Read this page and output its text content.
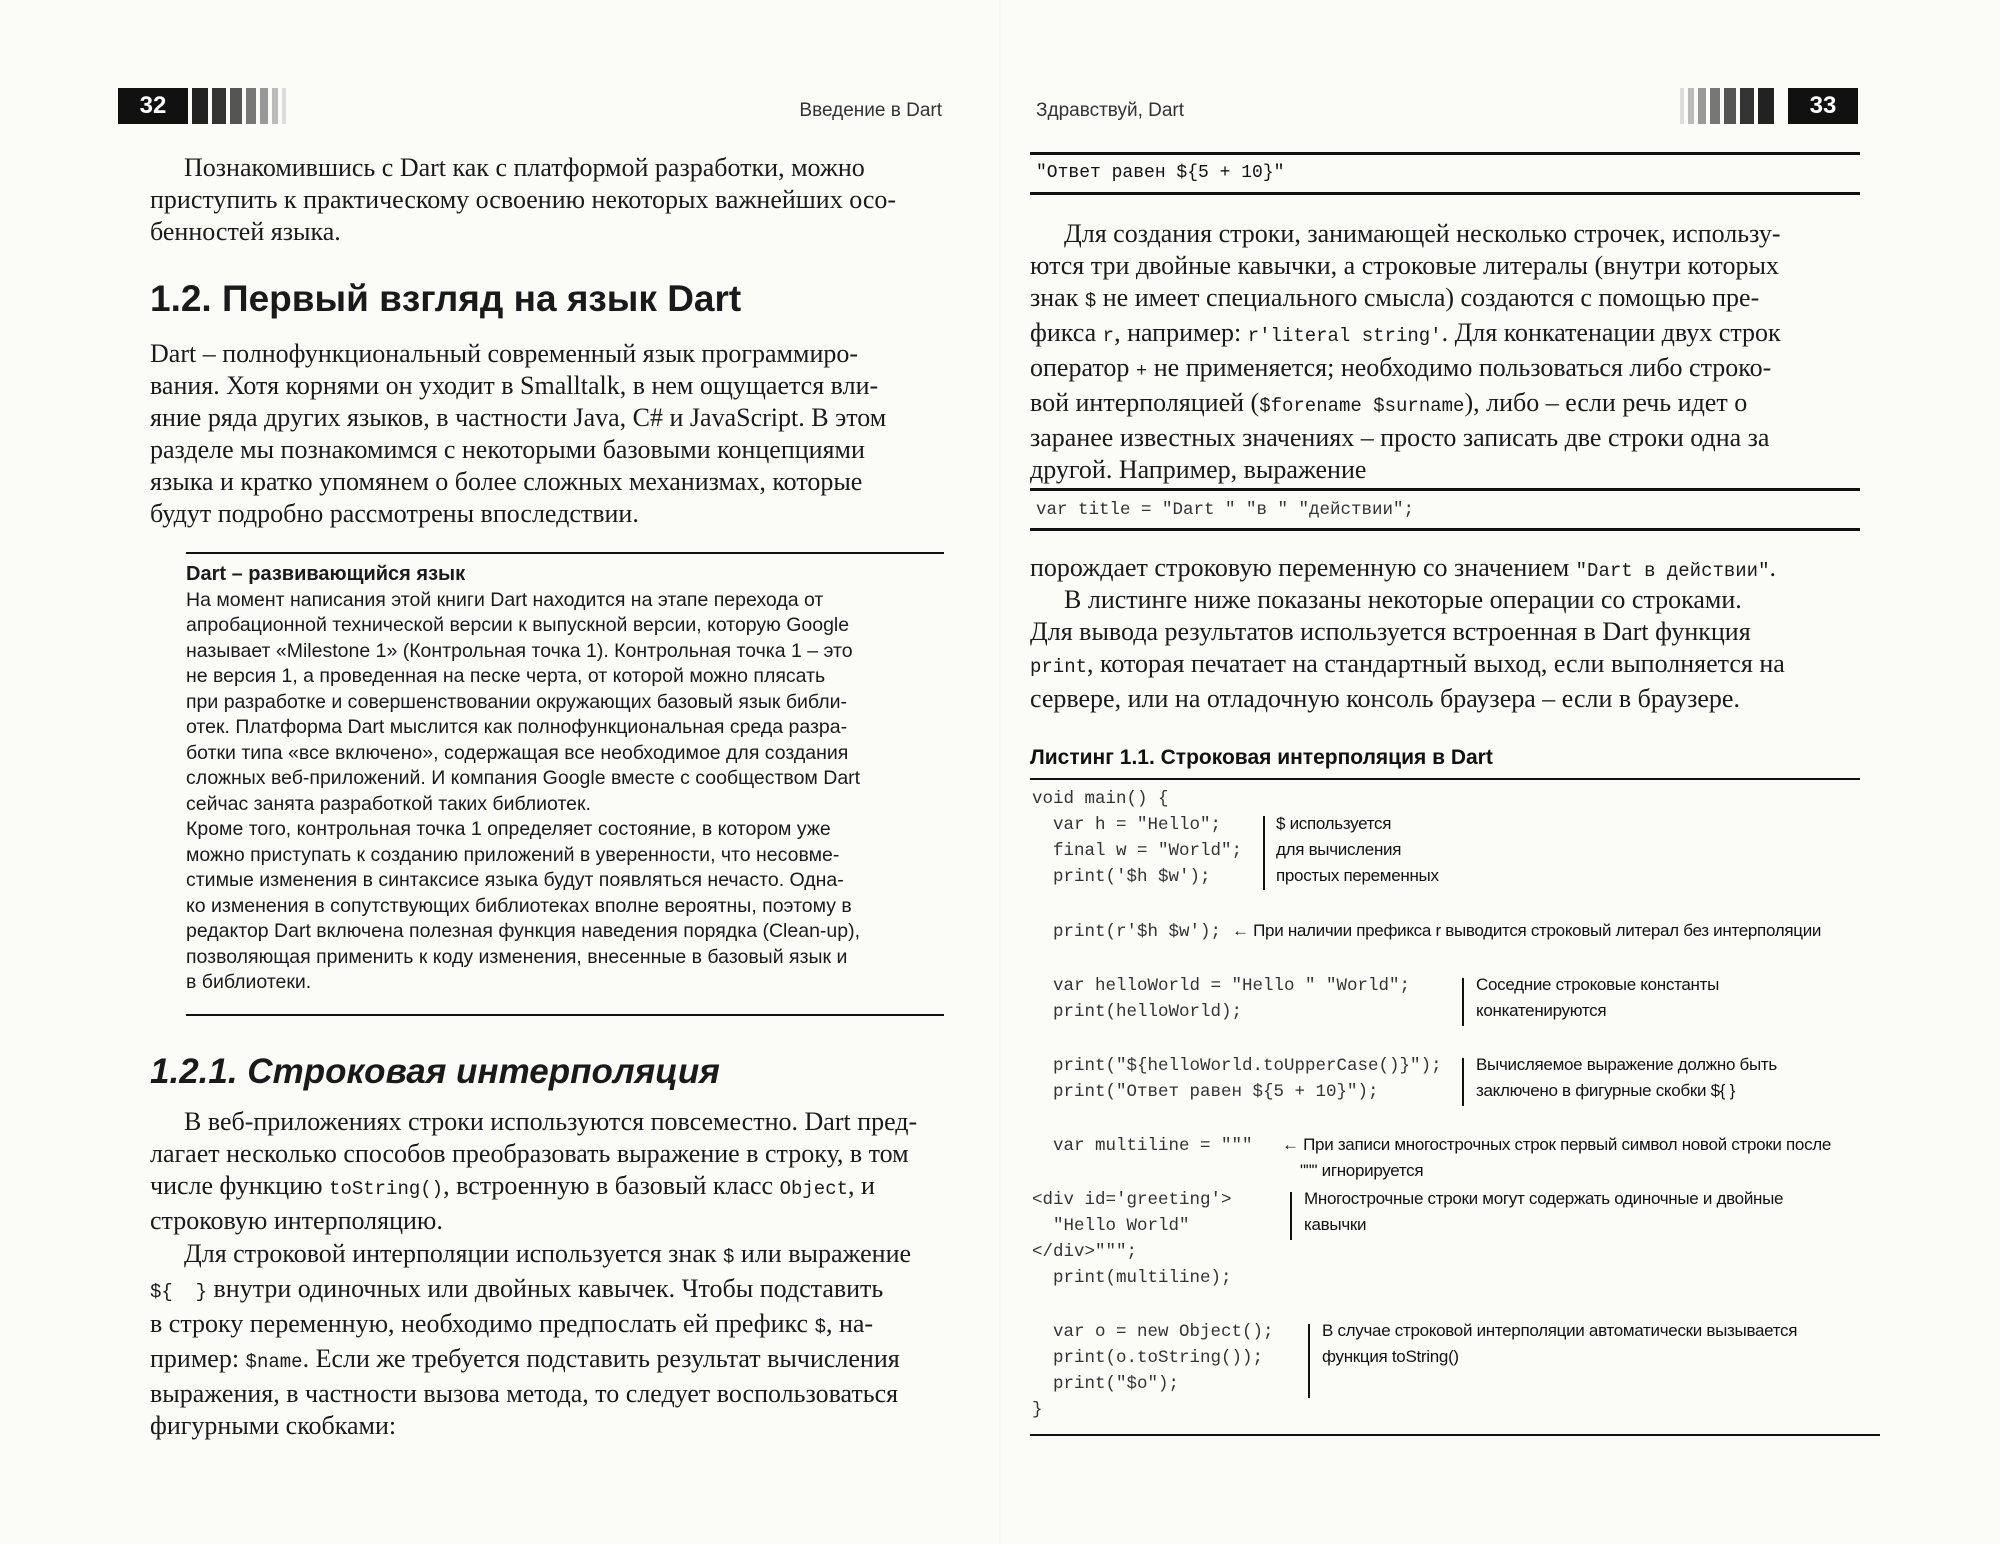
32	Введение в Dart

Познакомившись с Dart как с платформой разработки, можно
приступить к практическому освоению некоторых важнейших осо-
бенностей языка.

1.2. Первый взгляд на язык Dart

Dart – полнофункциональный современный язык программиро-
вания. Хотя корнями он уходит в Smalltalk, в нем ощущается вли-
яние ряда других языков, в частности Java, C# и JavaScript. В этом
разделе мы познакомимся с некоторыми базовыми концепциями
языка и кратко упомянем о более сложных механизмах, которые
будут подробно рассмотрены впоследствии.

Dart – развивающийся язык

На момент написания этой книги Dart находится на этапе перехода от
апробационной технической версии к выпускной версии, которую Google
называет «Milestone 1» (Контрольная точка 1). Контрольная точка 1 – это
не версия 1, а проведенная на песке черта, от которой можно плясать
при разработке и совершенствовании окружающих базовый язык библи-
отек. Платформа Dart мыслится как полнофункциональная среда разра-
ботки типа «все включено», содержащая все необходимое для создания
сложных веб-приложений. И компания Google вместе с сообществом Dart
сейчас занята разработкой таких библиотек.

Кроме того, контрольная точка 1 определяет состояние, в котором уже
можно приступать к созданию приложений в уверенности, что несовме-
стимые изменения в синтаксисе языка будут появляться нечасто. Одна-
ко изменения в сопутствующих библиотеках вполне вероятны, поэтому в
редактор Dart включена полезная функция наведения порядка (Clean-up),
позволяющая применить к коду изменения, внесенные в базовый язык и
в библиотеки.

1.2.1. Строковая интерполяция

В веб-приложениях строки используются повсеместно. Dart пред-
лагает несколько способов преобразовать выражение в строку, в том
числе функцию toString(), встроенную в базовый класс Object, и
строковую интерполяцию.

Для строковой интерполяции используется знак $ или выражение
${  } внутри одиночных или двойных кавычек. Чтобы подставить
в строку переменную, необходимо предпослать ей префикс $, на-
пример: $name. Если же требуется подставить результат вычисления
выражения, в частности вызова метода, то следует воспользоваться
фигурными скобками:

Здравствуй, Dart	33
"Ответ равен ${5 + 10}"

Для создания строки, занимающей несколько строчек, использу-
ются три двойные кавычки, а строковые литералы (внутри которых
знак $ не имеет специального смысла) создаются с помощью пре-
фикса r, например: r'literal string'. Для конкатенации двух строк
оператор + не применяется; необходимо пользоваться либо строко-
вой интерполяцией ($forename $surname), либо – если речь идет о
заранее известных значениях – просто записать две строки одна за
другой. Например, выражение

var title = "Dart " "в " "действии";

порождает строковую переменную со значением "Dart в действии".

В листинге ниже показаны некоторые операции со строками.
Для вывода результатов используется встроенная в Dart функция
print, которая печатает на стандартный выход, если выполняется на
сервере, или на отладочную консоль браузера – если в браузере.

Листинг 1.1. Строковая интерполяция в Dart
void main() {
var h = "Hello";
final w = "World";
print('$h $w');
$ используется
для вычисления
простых переменных
print(r'$h $w'); ← При наличии префикса r выводится строковый литерал без интерполяции
var helloWorld = "Hello " "World";
print(helloWorld);
Соседние строковые константы
конкатенируются
print("${helloWorld.toUpperCase()}");
print("Ответ равен ${5 + 10}");
Вычисляемое выражение должно быть
заключено в фигурные скобки ${ }
var multiline = """ ← При записи многострочных строк первый символ новой строки после
""" игнорируется
<div id='greeting'>
"Hello World"
</div>""";
print(multiline);
Многострочные строки могут содержать одиночные и двойные
кавычки
var o = new Object();
print(o.toString());
print("$o");
}
В случае строковой интерполяции автоматически вызывается
функция toString()
